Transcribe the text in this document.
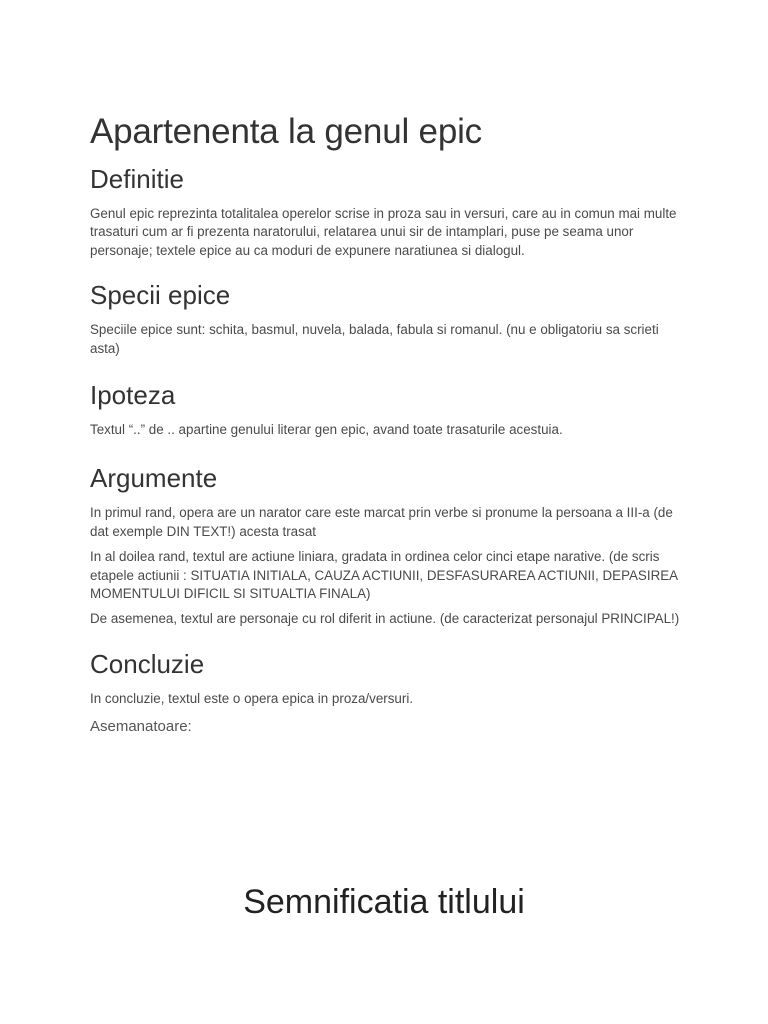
Apartenenta la genul epic
Definitie

Genul epic reprezinta totalitalea operelor scrise in proza sau in versuri, care au in comun mai multe trasaturi cum ar fi prezenta naratorului, relatarea unui sir de intamplari, puse pe seama unor personaje; textele epice au ca moduri de expunere naratiunea si dialogul.

Specii epice

Speciile epice sunt: schita, basmul, nuvela, balada, fabula si romanul. (nu e obligatoriu sa scrieti asta)

Ipoteza

Textul “..” de .. apartine genului literar gen epic, avand toate trasaturile acestuia.

Argumente

In primul rand, opera are un narator care este marcat prin verbe si pronume la persoana a III-a (de dat exemple DIN TEXT!) acesta trasat

In al doilea rand, textul are actiune liniara, gradata in ordinea celor cinci etape narative. (de scris etapele actiunii : SITUATIA INITIALA, CAUZA ACTIUNII, DESFASURAREA ACTIUNII, DEPASIREA MOMENTULUI DIFICIL SI SITUALTIA FINALA)

De asemenea, textul are personaje cu rol diferit in actiune. (de caracterizat personajul PRINCIPAL!)

Concluzie

In concluzie, textul este o opera epica in proza/versuri.

Asemanatoare:

Semnificatia titlului
